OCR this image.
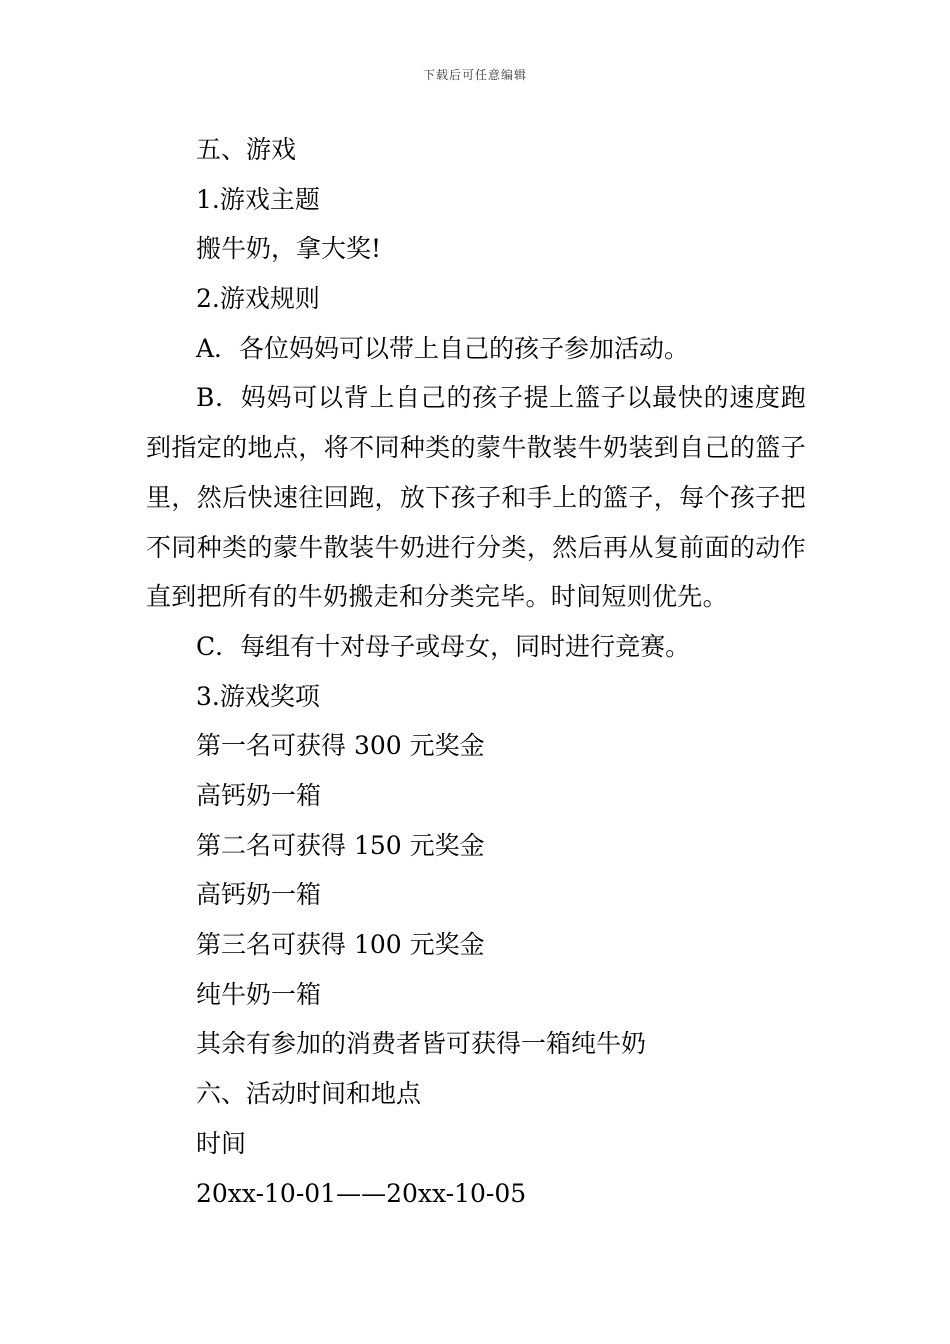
下载后可任意编辑
五、游戏
1.游戏主题
搬牛奶，拿大奖!
2.游戏规则
A．各位妈妈可以带上自己的孩子参加活动。
B．妈妈可以背上自己的孩子提上篮子以最快的速度跑到指定的地点，将不同种类的蒙牛散装牛奶装到自己的篮子里，然后快速往回跑，放下孩子和手上的篮子，每个孩子把不同种类的蒙牛散装牛奶进行分类，然后再从复前面的动作直到把所有的牛奶搬走和分类完毕。时间短则优先。
C．每组有十对母子或母女，同时进行竞赛。
3.游戏奖项
第一名可获得 300 元奖金
高钙奶一箱
第二名可获得 150 元奖金
高钙奶一箱
第三名可获得 100 元奖金
纯牛奶一箱
其余有参加的消费者皆可获得一箱纯牛奶
六、活动时间和地点
时间
20xx-10-01——20xx-10-05
